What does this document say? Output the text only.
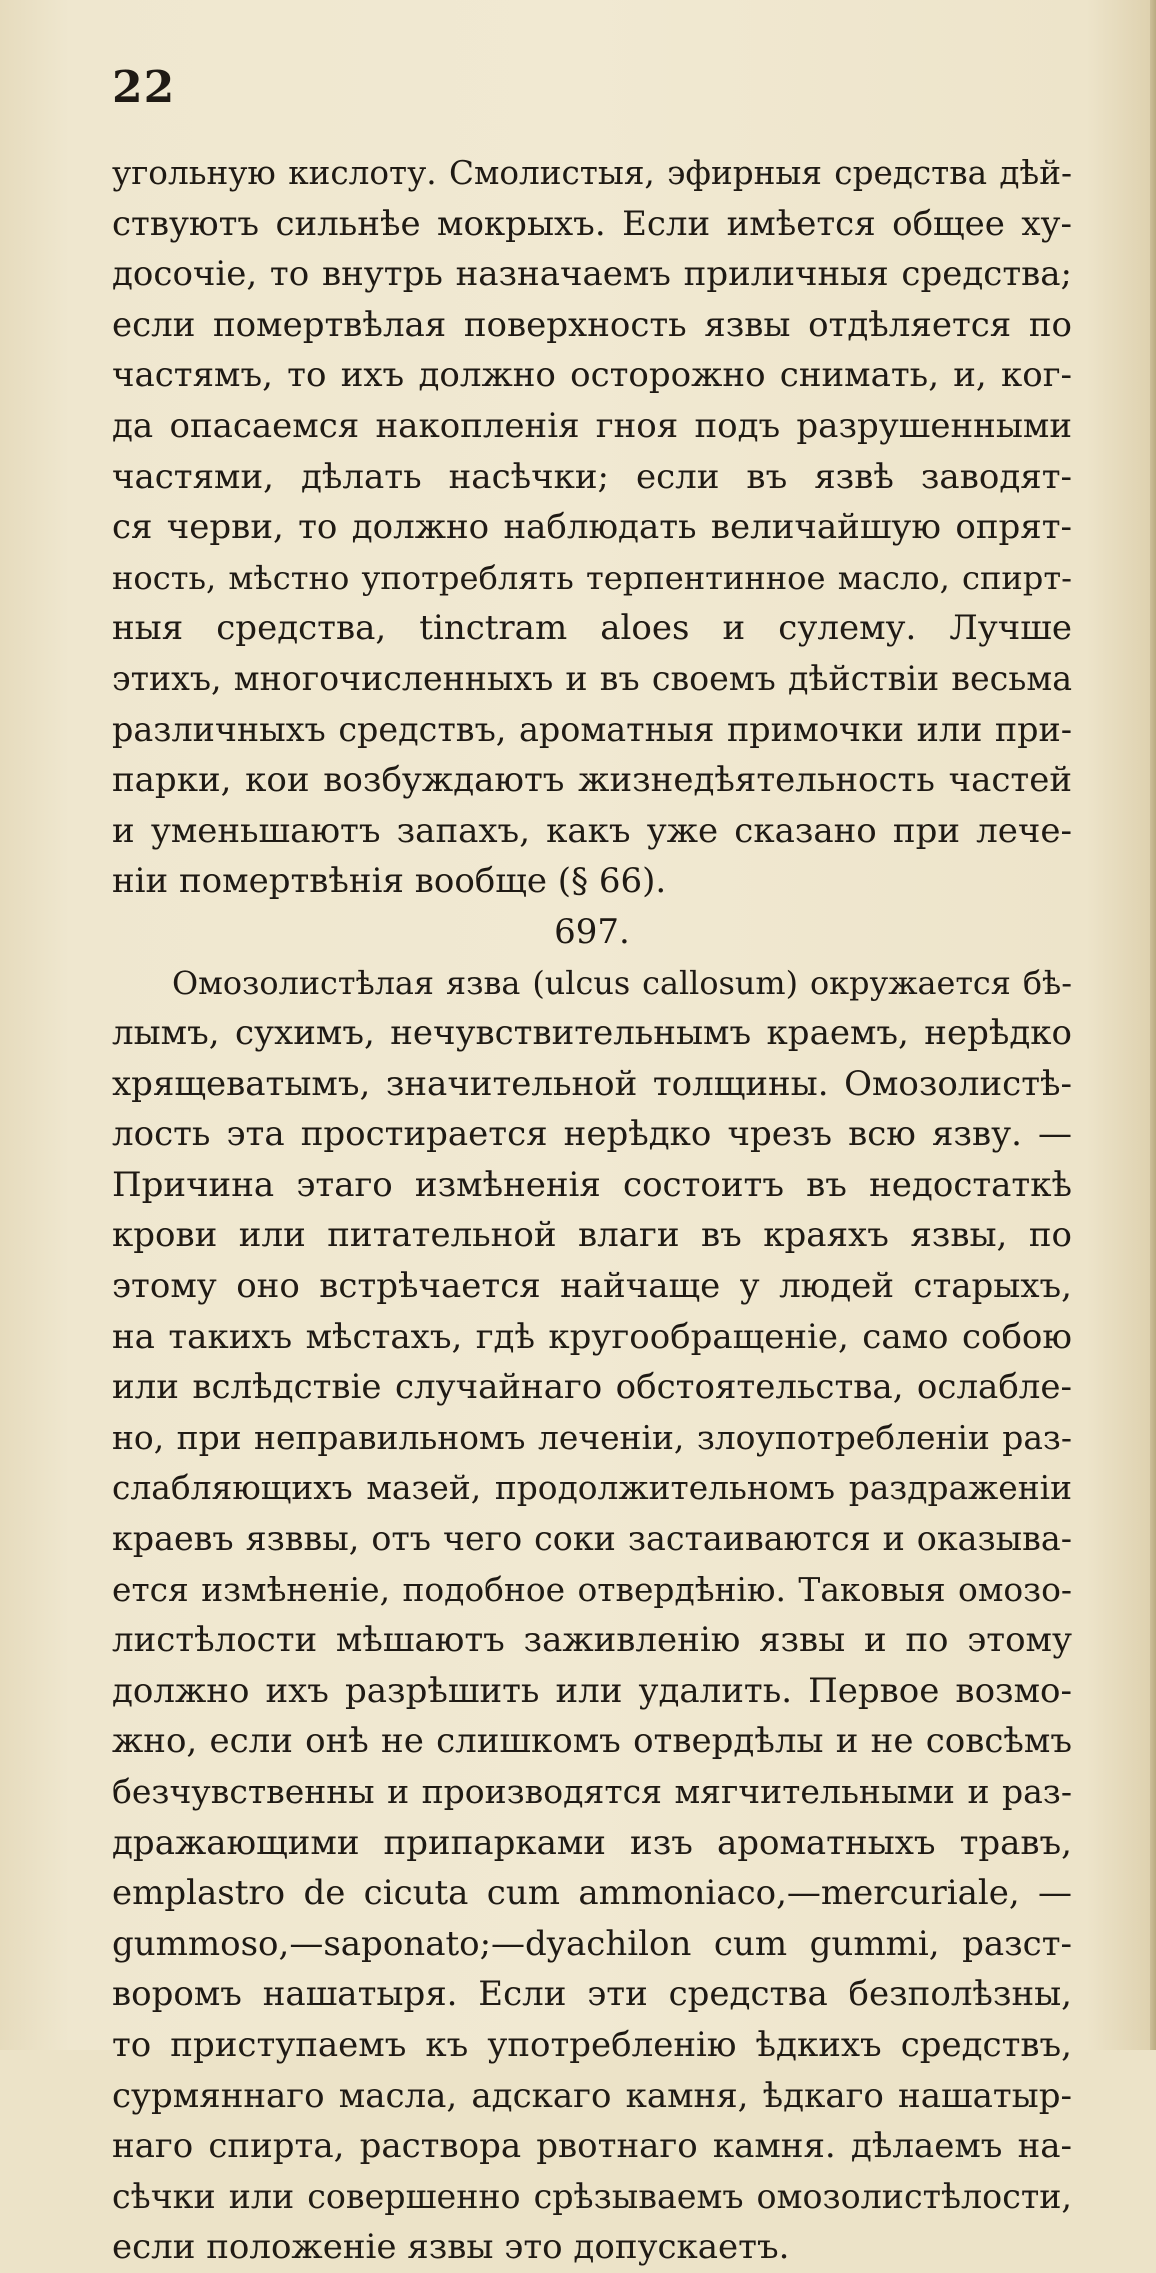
22
угольную кислоту. Смолистыя, эфирныя средства дѣй-
ствуютъ сильнѣе мокрыхъ. Если имѣется общее ху-
досочіе, то внутрь назначаемъ приличныя средства;
если помертвѣлая поверхность язвы отдѣляется по
частямъ, то ихъ должно осторожно снимать, и, ког-
да опасаемся накопленія гноя подъ разрушенными
частями, дѣлать насѣчки; если въ язвѣ заводят-
ся черви, то должно наблюдать величайшую опрят-
ность, мѣстно употреблять терпентинное масло, спирт-
ныя средства, tinctram aloes и сулему. Лучше
этихъ, многочисленныхъ и въ своемъ дѣйствіи весьма
различныхъ средствъ, ароматныя примочки или при-
парки, кои возбуждаютъ жизнедѣятельность частей
и уменьшаютъ запахъ, какъ уже сказано при лече-
ніи помертвѣнія вообще (§ 66).
697.
Омозолистѣлая язва (ulcus callosum) окружается бѣ-
лымъ, сухимъ, нечувствительнымъ краемъ, нерѣдко
хрящеватымъ, значительной толщины. Омозолистѣ-
лость эта простирается нерѣдко чрезъ всю язву. —
Причина этаго измѣненія состоитъ въ недостаткѣ
крови или питательной влаги въ краяхъ язвы, по
этому оно встрѣчается найчаще у людей старыхъ,
на такихъ мѣстахъ, гдѣ кругообращеніе, само собою
или вслѣдствіе случайнаго обстоятельства, ослабле-
но, при неправильномъ леченіи, злоупотребленіи раз-
слабляющихъ мазей, продолжительномъ раздраженіи
краевъ язввы, отъ чего соки застаиваются и оказыва-
ется измѣненіе, подобное отвердѣнію. Таковыя омозо-
листѣлости мѣшаютъ заживленію язвы и по этому
должно ихъ разрѣшить или удалить. Первое возмо-
жно, если онѣ не слишкомъ отвердѣлы и не совсѣмъ
безчувственны и производятся мягчительными и раз-
дражающими припарками изъ ароматныхъ травъ,
emplastro de cicuta cum ammoniaco,—mercuriale, —
gummoso,—saponato;—dyachilon cum gummi, разст-
воромъ нашатыря. Если эти средства безполѣзны,
то приступаемъ къ употребленію ѣдкихъ средствъ,
сурмяннаго масла, адскаго камня, ѣдкаго нашатыр-
наго спирта, раствора рвотнаго камня. дѣлаемъ на-
сѣчки или совершенно срѣзываемъ омозолистѣлости,
если положеніе язвы это допускаетъ.
